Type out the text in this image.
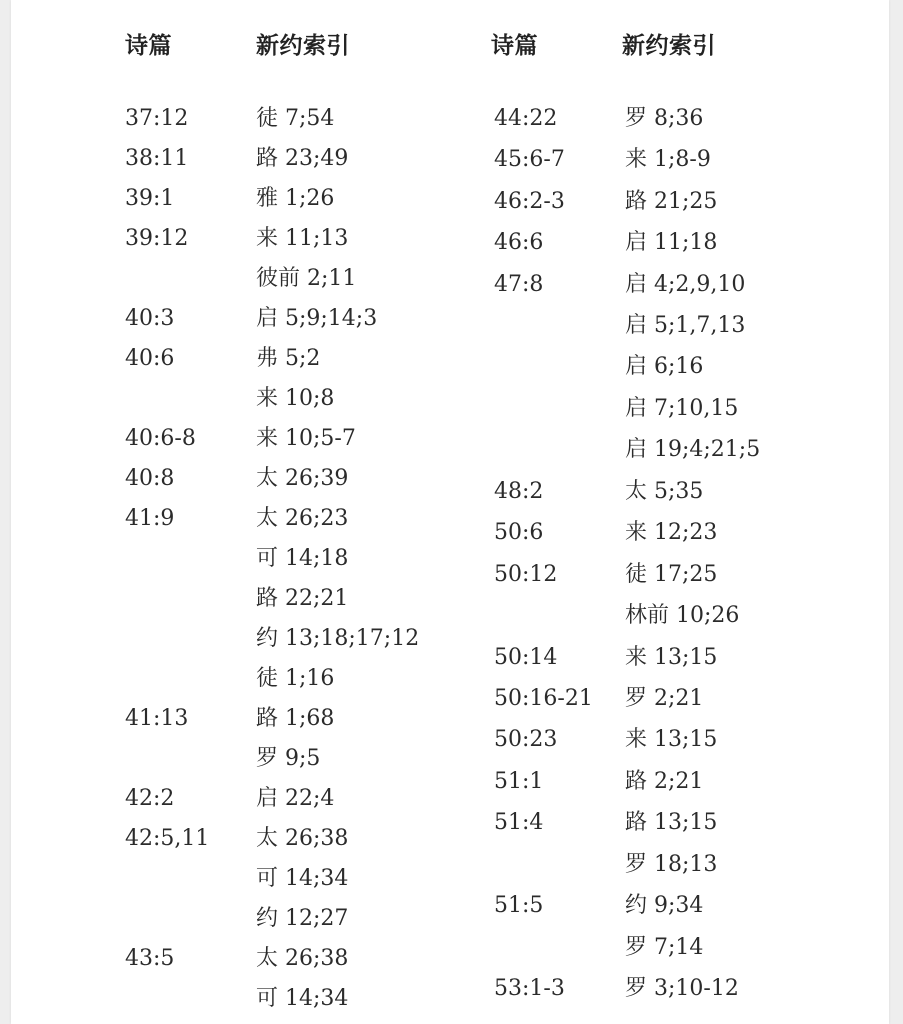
诗篇	新约索引
37:12	徒 7;54
38:11	路 23;49
39:1	雅 1;26
39:12	来 11;13
彼前 2;11
40:3	启 5;9;14;3
40:6	弗 5;2
来 10;8
40:6-8	来 10;5-7
40:8	太 26;39
41:9	太 26;23
可 14;18
路 22;21
约 13;18;17;12
徒 1;16
41:13	路 1;68
罗 9;5
42:2	启 22;4
42:5,11 太 26;38
可 14;34
约 12;27
43:5	太 26;38
可 14;34
诗篇	新约索引
44:22	罗 8;36
45:6-7	来 1;8-9
46:2-3	路 21;25
46:6	启 11;18
47:8	启 4;2,9,10
启 5;1,7,13
启 6;16
启 7;10,15
启 19;4;21;5
48:2	太 5;35
50:6	来 12;23
50:12	徒 17;25
林前 10;26
50:14	来 13;15
50:16-21 罗 2;21
50:23	来 13;15
51:1	路 2;21
51:4	路 13;15
罗 18;13
51:5	约 9;34
罗 7;14
53:1-3	罗 3;10-12
